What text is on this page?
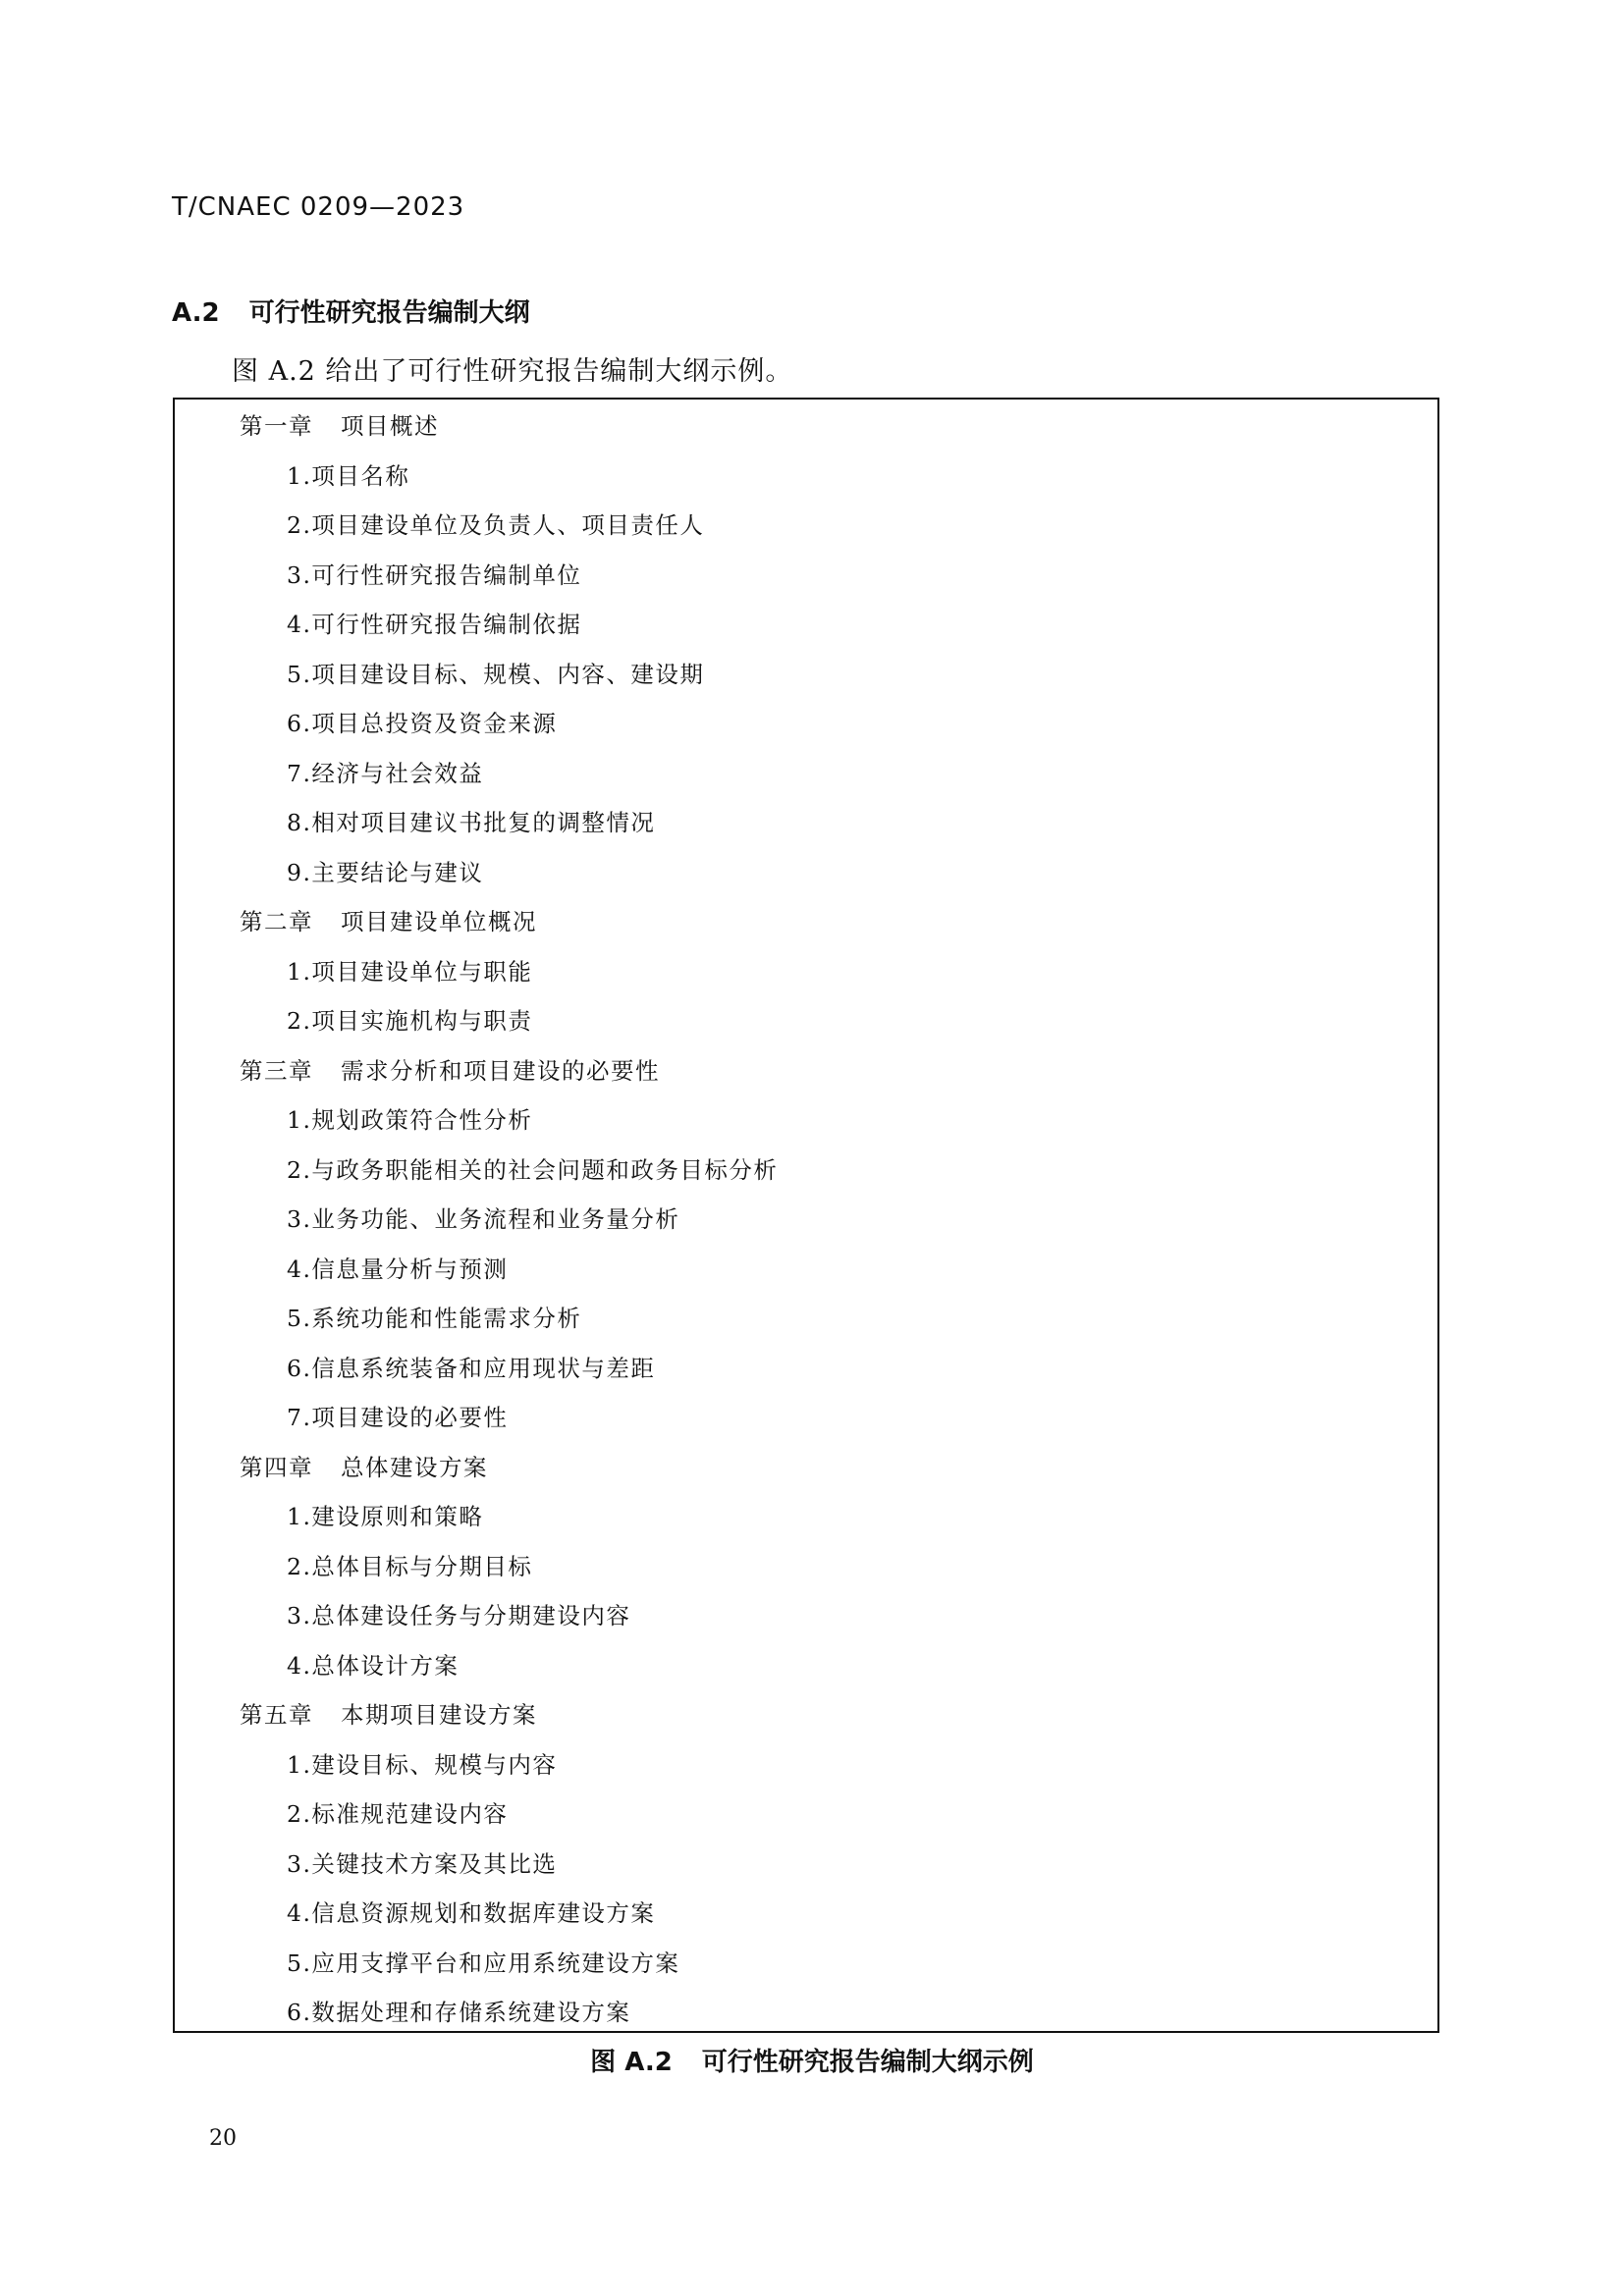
T/CNAEC 0209—2023
A.2 可行性研究报告编制大纲
图 A.2 给出了可行性研究报告编制大纲示例。
第一章 项目概述
1.项目名称
2.项目建设单位及负责人、项目责任人
3.可行性研究报告编制单位
4.可行性研究报告编制依据
5.项目建设目标、规模、内容、建设期
6.项目总投资及资金来源
7.经济与社会效益
8.相对项目建议书批复的调整情况
9.主要结论与建议
第二章 项目建设单位概况
1.项目建设单位与职能
2.项目实施机构与职责
第三章 需求分析和项目建设的必要性
1.规划政策符合性分析
2.与政务职能相关的社会问题和政务目标分析
3.业务功能、业务流程和业务量分析
4.信息量分析与预测
5.系统功能和性能需求分析
6.信息系统装备和应用现状与差距
7.项目建设的必要性
第四章 总体建设方案
1.建设原则和策略
2.总体目标与分期目标
3.总体建设任务与分期建设内容
4.总体设计方案
第五章 本期项目建设方案
1.建设目标、规模与内容
2.标准规范建设内容
3.关键技术方案及其比选
4.信息资源规划和数据库建设方案
5.应用支撑平台和应用系统建设方案
6.数据处理和存储系统建设方案
图 A.2 可行性研究报告编制大纲示例
20
